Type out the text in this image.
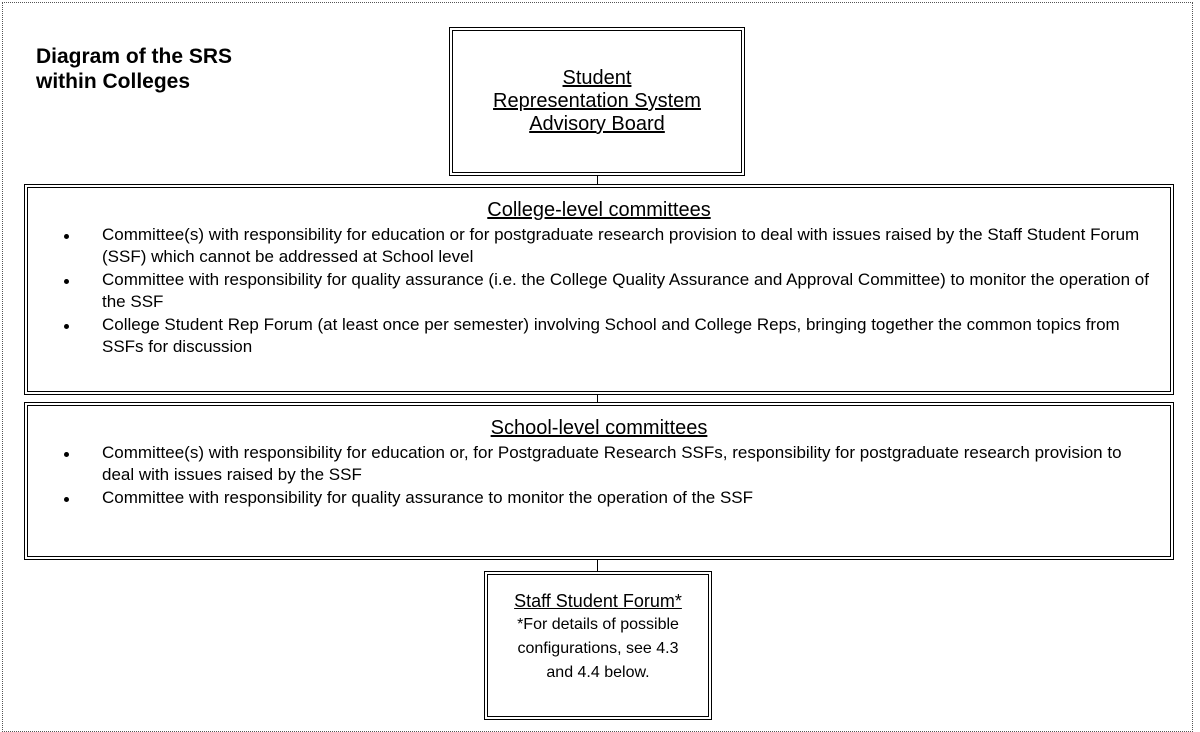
Diagram of the SRS
within Colleges	Student Representation System Advisory Board
College-level committees
Committee(s) with responsibility for education or for postgraduate research provision to deal with issues raised by the Staff Student Forum (SSF) which cannot be addressed at School level
Committee with responsibility for quality assurance (i.e. the College Quality Assurance and Approval Committee) to monitor the operation of the SSF
College Student Rep Forum (at least once per semester) involving School and College Reps, bringing together the common topics from SSFs for discussion
School-level committees
Committee(s) with responsibility for education or, for Postgraduate Research SSFs, responsibility for postgraduate research provision to deal with issues raised by the SSF
Committee with responsibility for quality assurance to monitor the operation of the SSF
Staff Student Forum*
*For details of possible configurations, see 4.3 and 4.4 below.
